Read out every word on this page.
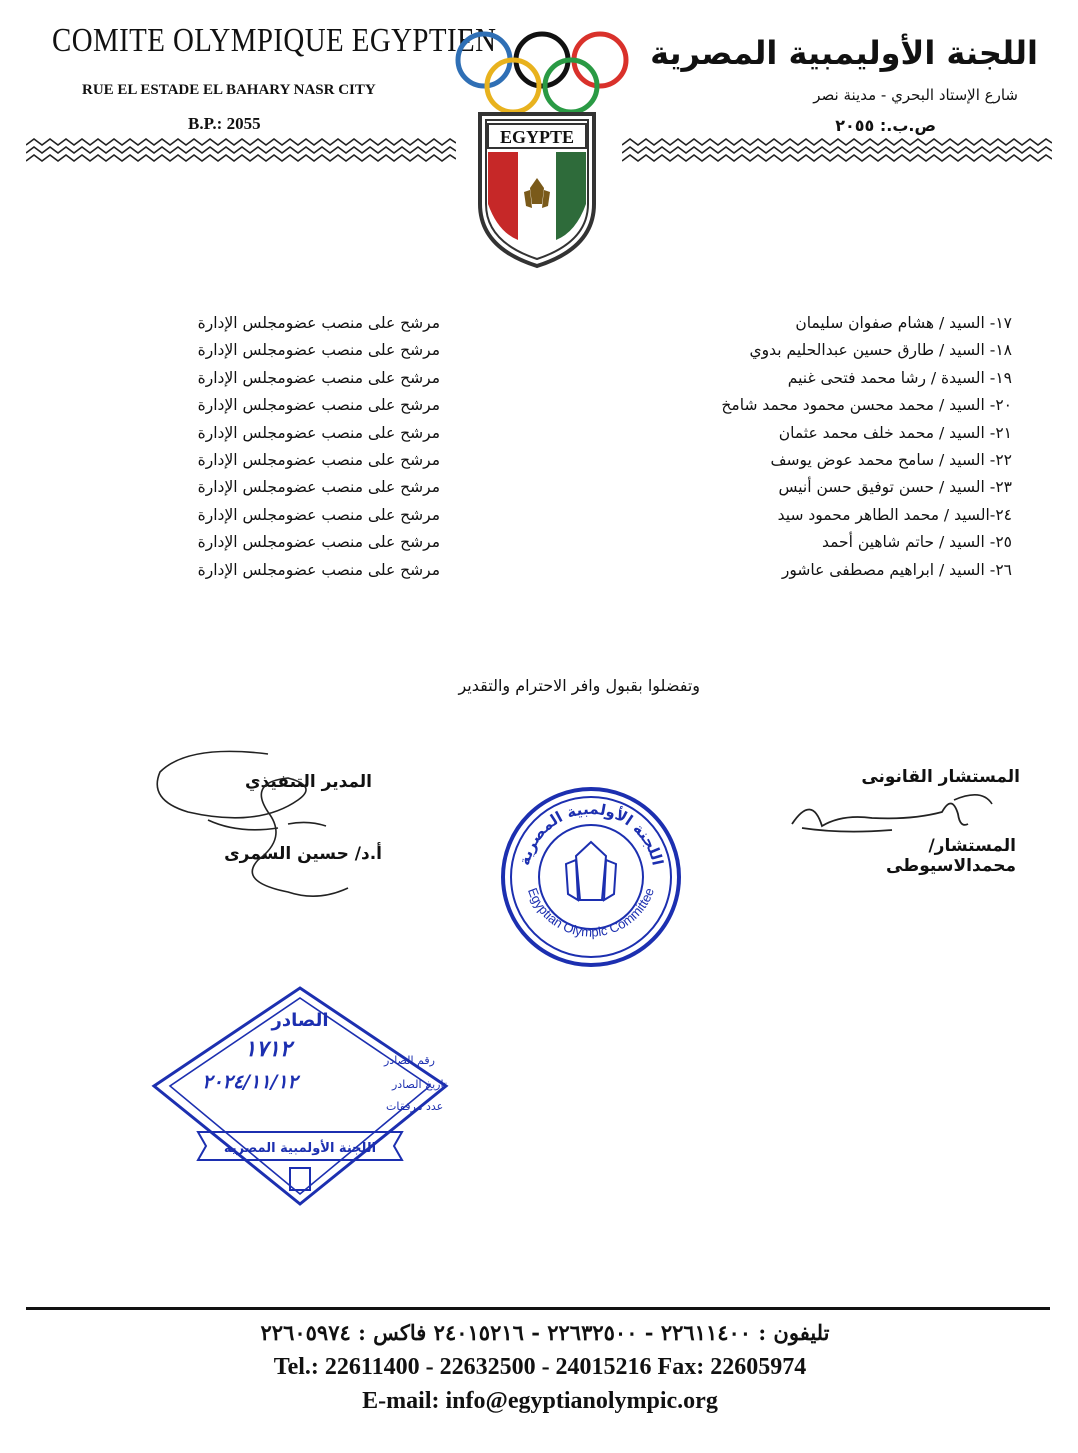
COMITE OLYMPIQUE EGYPTIEN
RUE EL ESTADE EL BAHARY NASR CITY
B.P.: 2055
اللجنة الأوليمبية المصرية
شارع الإستاد البحري - مدينة نصر
ص.ب.: ٢٠٥٥
EGYPTE
١٧- السيد / هشام صفوان سليمان
١٨- السيد / طارق حسين عبدالحليم بدوي
١٩- السيدة / رشا محمد فتحى غنيم
٢٠- السيد / محمد محسن محمود محمد شامخ
٢١- السيد / محمد خلف محمد عثمان
٢٢- السيد / سامح محمد عوض يوسف
٢٣- السيد / حسن توفيق حسن أنيس
٢٤-السيد / محمد الطاهر محمود سيد
٢٥- السيد / حاتم شاهين أحمد
٢٦- السيد / ابراهيم مصطفى عاشور
مرشح على منصب عضومجلس الإدارة
مرشح على منصب عضومجلس الإدارة
مرشح على منصب عضومجلس الإدارة
مرشح على منصب عضومجلس الإدارة
مرشح على منصب عضومجلس الإدارة
مرشح على منصب عضومجلس الإدارة
مرشح على منصب عضومجلس الإدارة
مرشح على منصب عضومجلس الإدارة
مرشح على منصب عضومجلس الإدارة
مرشح على منصب عضومجلس الإدارة
وتفضلوا بقبول وافر الاحترام والتقدير
المدير التنفيذي
أ.د/ حسين السمرى
المستشار القانونى
المستشار/محمدالاسيوطى
اللجنة الأولمبية المصرية
Egyptian Olympic Committee
الصادر
١٧١٢	رقم الصادر
تاريخ الصادر
٢٠٢٤/١١/١٢
عدد مرفقات
اللجنة الأولمبية المصرية
تليفون : ٢٢٦١١٤٠٠ - ٢٢٦٣٢٥٠٠ - ٢٤٠١٥٢١٦ فاكس : ٢٢٦٠٥٩٧٤
Tel.: 22611400 - 22632500 - 24015216 Fax: 22605974
E-mail: info@egyptianolympic.org
